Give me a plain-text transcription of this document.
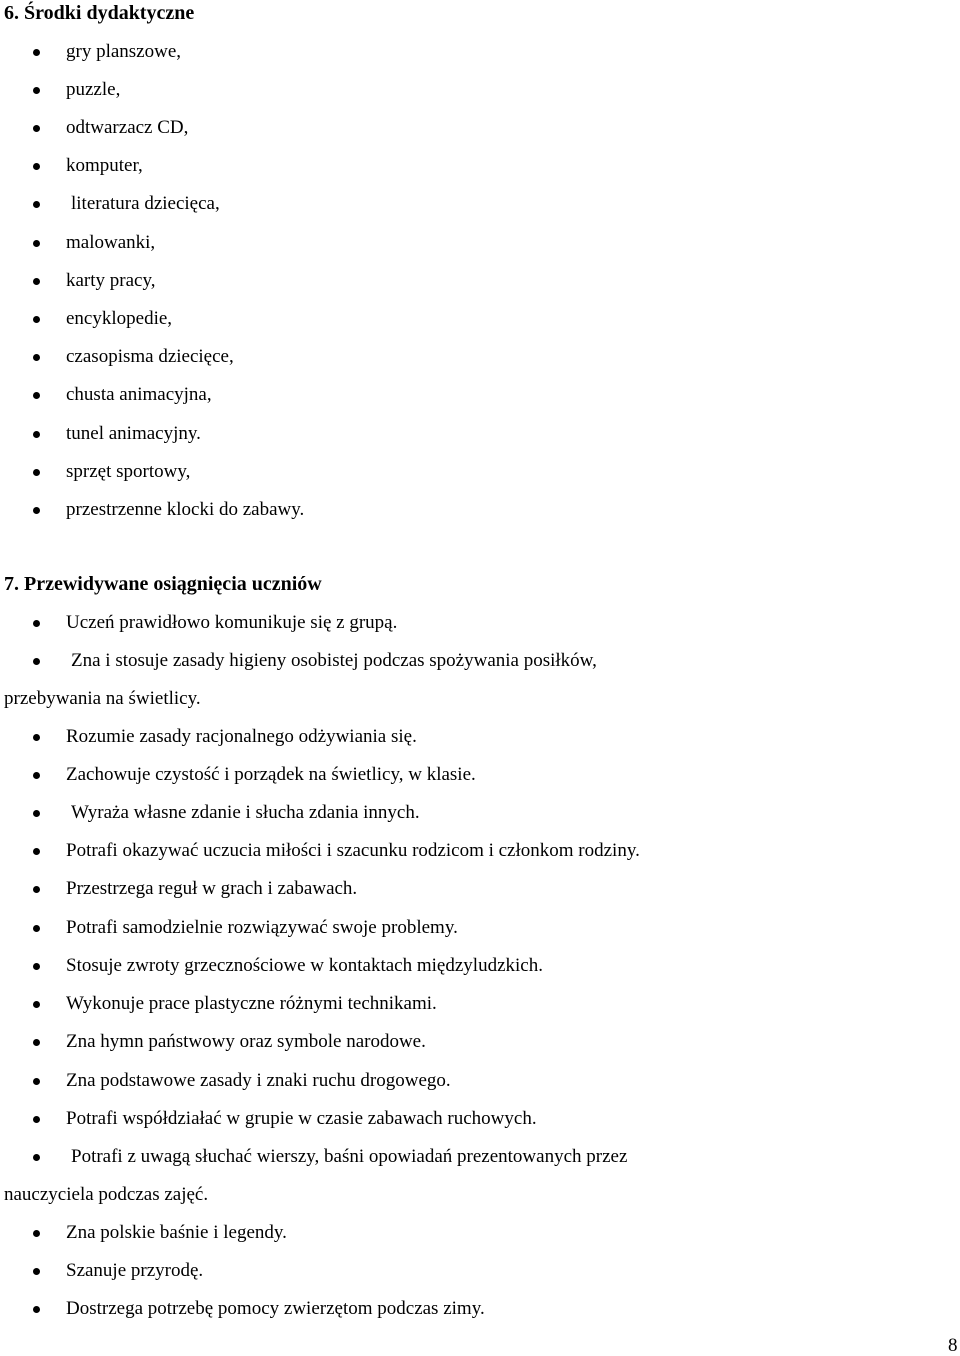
6. Środki dydaktyczne
gry planszowe,
puzzle,
odtwarzacz CD,
komputer,
literatura dziecięca,
malowanki,
karty pracy,
encyklopedie,
czasopisma dziecięce,
chusta animacyjna,
tunel animacyjny.
sprzęt sportowy,
przestrzenne klocki do zabawy.
7. Przewidywane osiągnięcia uczniów
Uczeń prawidłowo komunikuje się z grupą.
Zna i stosuje zasady higieny osobistej podczas spożywania posiłków,
przebywania na świetlicy.
Rozumie zasady racjonalnego odżywiania się.
Zachowuje czystość i porządek na świetlicy, w klasie.
Wyraża własne zdanie i słucha zdania innych.
Potrafi okazywać uczucia miłości i szacunku rodzicom i członkom rodziny.
Przestrzega reguł w grach i zabawach.
Potrafi samodzielnie rozwiązywać swoje problemy.
Stosuje zwroty grzecznościowe w kontaktach międzyludzkich.
Wykonuje prace plastyczne różnymi technikami.
Zna hymn państwowy oraz symbole narodowe.
Zna podstawowe zasady i znaki ruchu drogowego.
Potrafi współdziałać w grupie w czasie zabawach ruchowych.
Potrafi z uwagą słuchać wierszy, baśni opowiadań prezentowanych przez
nauczyciela podczas zajęć.
Zna polskie baśnie i legendy.
Szanuje przyrodę.
Dostrzega potrzebę pomocy zwierzętom podczas zimy.
8
